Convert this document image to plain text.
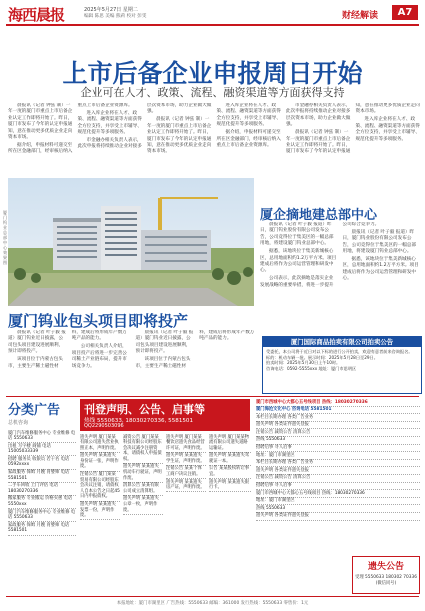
海西晨报	2025年5月27日 星期二
编辑 陈思 美编 熊莉 校对 彭雯	财经解读	A7
上市后备企业申报周日开始
企业可在人才、政策、流程、融资渠道等方面获得支持

晨报讯（记者 钟弦 制）一年一度的厦门市重点上市后备企业认定工作即将开始了。昨日，厦门市发布了今年的认定申报通知，意在推动更多优质企业走向资本市场。

据介绍，申报材料可递交至所在区金融部门，经审核后纳入重点上市后备企业资源库。

进入库企业将在人才、政策、流程、融资渠道等方面获得全方位支持，并享受上市辅导、规范化提升等多项服务。

市金融办相关负责人表示，此次申报将持续推动企业对接多层次资本市场，助力企业做大做强。

晨报讯（记者 钟弦 制）一年一度的厦门市重点上市后备企业认定工作即将开始了。昨日，厦门市发布了今年的认定申报通知，意在推动更多优质企业走向资本市场。

进入库企业将在人才、政策、流程、融资渠道等方面获得全方位支持，并享受上市辅导、规范化提升等多项服务。

据介绍，申报材料可递交至所在区金融部门，经审核后纳入重点上市后备企业资源库。

市金融办相关负责人表示，此次申报将持续推动企业对接多层次资本市场，助力企业做大做强。

晨报讯（记者 钟弦 制）一年一度的厦门市重点上市后备企业认定工作即将开始了。昨日，厦门市发布了今年的认定申报通知，意在推动更多优质企业走向资本市场。

进入库企业将在人才、政策、流程、融资渠道等方面获得全方位支持，并享受上市辅导、规范化提升等多项服务。

厦门钨业总部中心效果图
厦企摘地建总部中心

晨报讯（记者 叶子毅 报道）昨日，厦门钨业股份有限公司发布公告，公司竞得位于集美区的一幅总部用地，将建设厦门钨业总部中心。

据悉，该地块位于集美新城核心区，总用地面积约1.2万平方米。项目建成后将作为公司运营管理和研发中心。

公司表示，此次摘地是落实企业发展战略的重要举措，将进一步提升公司综合竞争力。

晨报讯（记者 叶子毅 报道）昨日，厦门钨业股份有限公司发布公告，公司竞得位于集美区的一幅总部用地，将建设厦门钨业总部中心。

据悉，该地块位于集美新城核心区，总用地面积约1.2万平方米。项目建成后将作为公司运营管理和研发中心。

厦门钨业包头项目即将投产

晨报讯（记者 叶子毅 报道）厦门钨业近日披露，公司包头项目建设进展顺利，预计即将投产。

该项目位于内蒙古包头市，主要生产稀土磁性材料，建成后将形成年产数万吨产品的能力。

公司相关负责人介绍，项目投产后将进一步完善公司稀土产业链布局，提升市场竞争力。

晨报讯（记者 叶子毅 报道）厦门钨业近日披露，公司包头项目建设进展顺利，预计即将投产。

该项目位于内蒙古包头市，主要生产稀土磁性材料，建成后将形成年产数万吨产品的能力。	厦门国际商品拍卖有限公司拍卖公告
受委托，本公司将于近日对以下标的进行公开拍卖，欢迎有意者前来咨询报名。
标的：机动车辆一批。展示时间：2025年5月28日至29日。
拍卖时间：2025年5月30日上午10时。
咨询电话：0592-5555xxx 地址：厦门市思明区
分类广告
总机咨询
厦门汽车维修服务中心 专业维修 电话 5550633
出租 写字楼 商铺 电话 15005033339
招聘 服务员 收银员 若干名 电话 0592xxxx
家政服务 保姆 月嫂 育婴师 电话 5581501
二手车回收 上门评估 电话 18030270336
搬家服务 专业搬运 价格实惠 电话 5550xxx
厦门汽车维修服务中心 专业维修 电话 5550633
家政服务 保姆 月嫂 育婴师 电话 5581501
刊登声明、公告、启事等
热线 5550633, 18030270336, 5581501
QQ2290503096
遗失声明 厦门某某有限公司遗失营业执照正本，声明作废。
遗失声明 某某遗失身份证一张，声明作废。
注销公告 厦门某某贸易有限公司经股东会决议注销，请债权人自本公告之日起45日内申报债权。
遗失声明 某某遗失发票一份，声明作废。
减资公告 厦门某某科技有限公司经股东会决议减少注册资本，请债权人申报债权。
遗失声明 某某遗失机动车行驶证，声明作废。
清算公告 某某有限公司成立清算组。
遗失声明 某某遗失公章一枚，声明作废。
遗失声明 厦门某某餐饮店遗失食品经营许可证，声明作废。
遗失声明 某某遗失学生证，声明作废。
注销公告 某某个体工商户决议注销。
遗失声明 某某遗失房产证，声明作废。
遗失声明 厦门某某物流有限公司遗失道路运输证。
遗失声明 某某遗失驾驶证一本。
公告 某某股权转让事宜。
遗失声明 某某遗失银行卡。
厦门市西城中心大都心五号线项目 热线：18030270336
厦门海沧文化中心 咨询电话 5581501
本栏目长期办理 各类广告业务
遗失声明 各类证件遗失登报
注销公告 减资公告 清算公告
热线 5550633
招聘启事 寻人启事
地址：厦门市湖里区
本栏目长期办理 各类广告业务
遗失声明 各类证件遗失登报
注销公告 减资公告 清算公告
招聘启事 寻人启事
厦门市西城中心大都心五号线项目 热线：18030270336
地址：厦门市湖里区
热线 5550633
遗失声明 各类证件遗失登报
遗失公告
受理 5550633 180302 70336
(微信同号)
本报地址：厦门市湖里区 广告热线：5550633 邮编：361000 发行热线：5550633 零售价：1元
